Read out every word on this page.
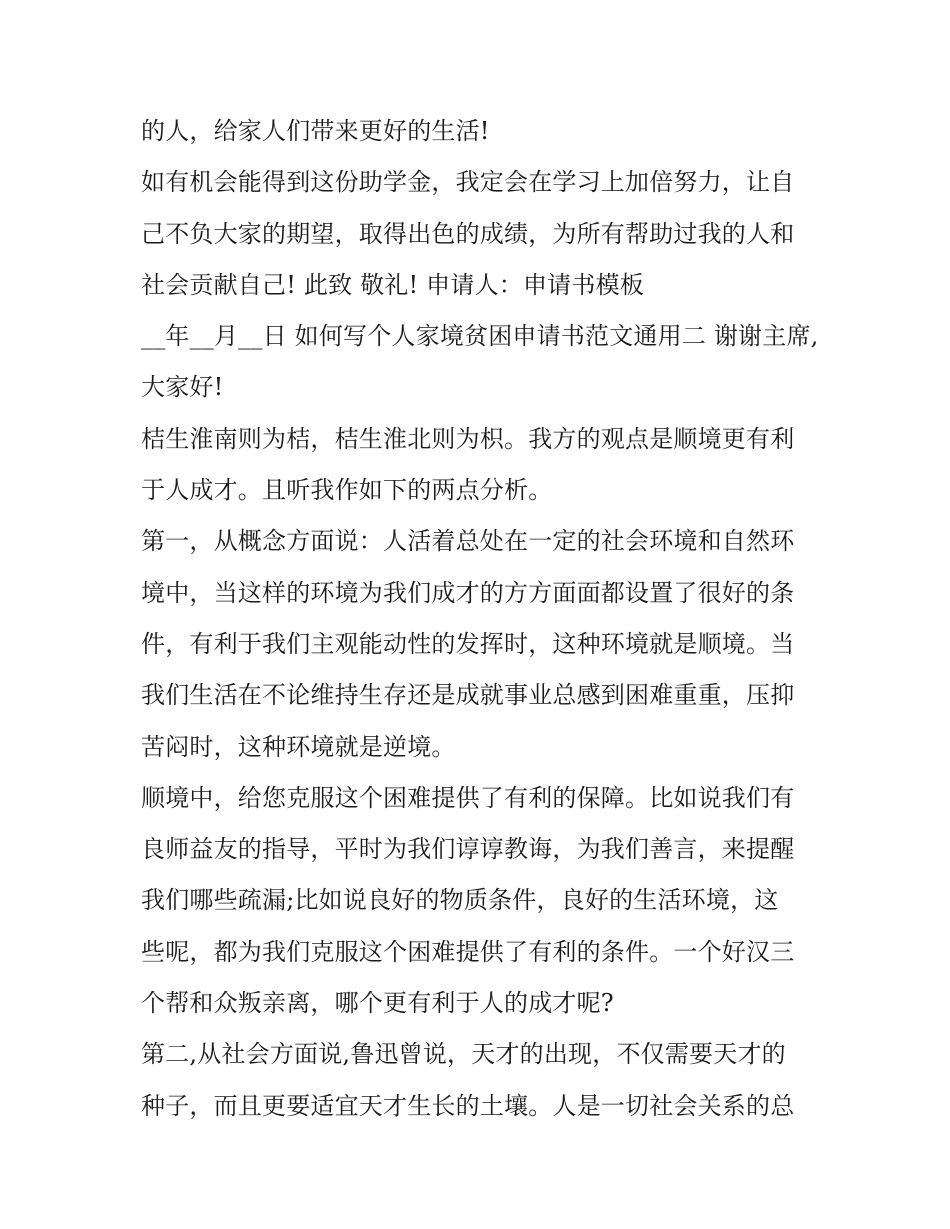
的人，给家人们带来更好的生活!
如有机会能得到这份助学金，我定会在学习上加倍努力，让自
己不负大家的期望，取得出色的成绩，为所有帮助过我的人和
社会贡献自己! 此致 敬礼! 申请人：申请书模板
__年__月__日 如何写个人家境贫困申请书范文通用二 谢谢主席,
大家好!
桔生淮南则为桔，桔生淮北则为枳。我方的观点是顺境更有利
于人成才。且听我作如下的两点分析。
第一，从概念方面说：人活着总处在一定的社会环境和自然环
境中，当这样的环境为我们成才的方方面面都设置了很好的条
件，有利于我们主观能动性的发挥时，这种环境就是顺境。当
我们生活在不论维持生存还是成就事业总感到困难重重，压抑
苦闷时，这种环境就是逆境。
顺境中，给您克服这个困难提供了有利的保障。比如说我们有
良师益友的指导，平时为我们谆谆教诲，为我们善言，来提醒
我们哪些疏漏;比如说良好的物质条件，良好的生活环境，这
些呢，都为我们克服这个困难提供了有利的条件。一个好汉三
个帮和众叛亲离，哪个更有利于人的成才呢?
第二,从社会方面说,鲁迅曾说，天才的出现，不仅需要天才的
种子，而且更要适宜天才生长的土壤。人是一切社会关系的总
